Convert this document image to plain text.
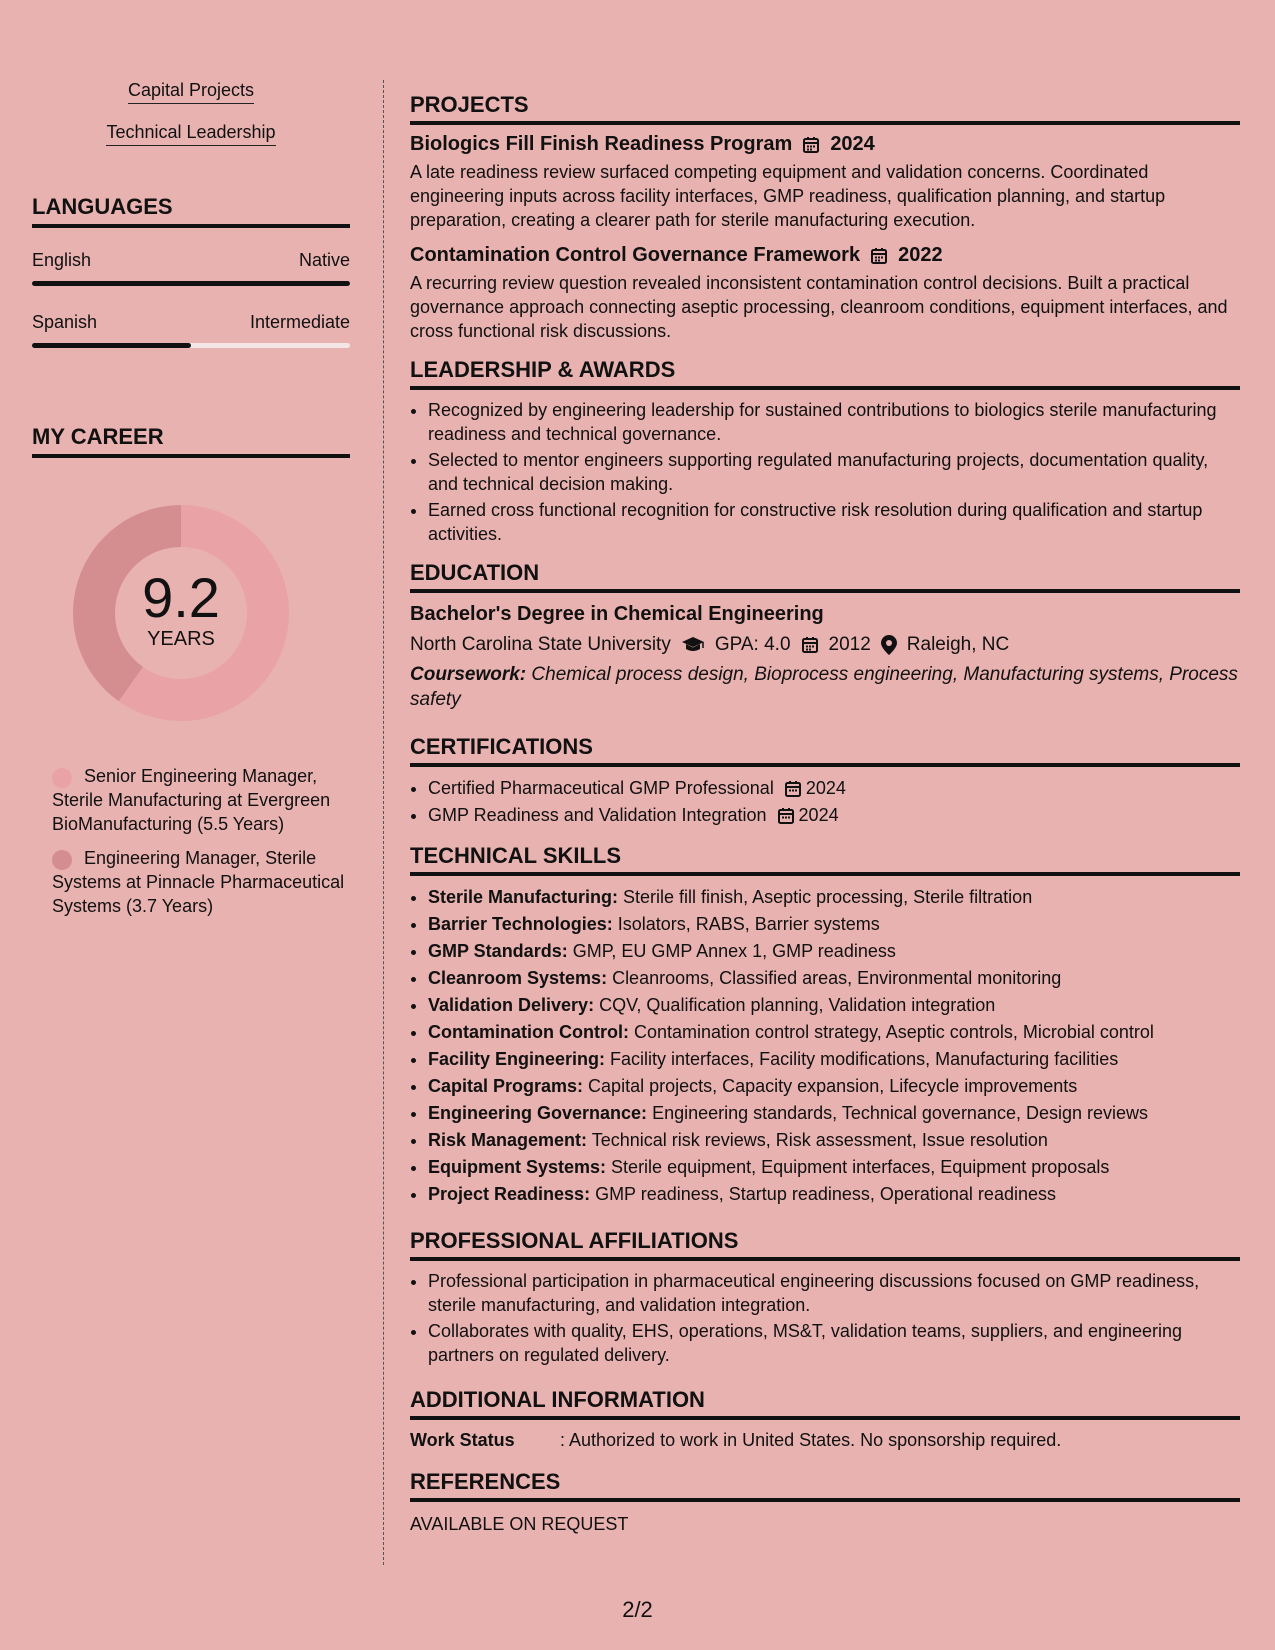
Capital Projects
Technical Leadership
LANGUAGES
English	Native
Spanish	Intermediate
MY CAREER
9.2
YEARS
Senior Engineering Manager, Sterile Manufacturing at Evergreen BioManufacturing (5.5 Years)
Engineering Manager, Sterile Systems at Pinnacle Pharmaceutical Systems (3.7 Years)
PROJECTS
Biologics Fill Finish Readiness Program 2024
A late readiness review surfaced competing equipment and validation concerns. Coordinated engineering inputs across facility interfaces, GMP readiness, qualification planning, and startup preparation, creating a clearer path for sterile manufacturing execution.
Contamination Control Governance Framework 2022
A recurring review question revealed inconsistent contamination control decisions. Built a practical governance approach connecting aseptic processing, cleanroom conditions, equipment interfaces, and cross functional risk discussions.
LEADERSHIP & AWARDS
• Recognized by engineering leadership for sustained contributions to biologics sterile manufacturing readiness and technical governance.
• Selected to mentor engineers supporting regulated manufacturing projects, documentation quality, and technical decision making.
• Earned cross functional recognition for constructive risk resolution during qualification and startup activities.
EDUCATION
Bachelor's Degree in Chemical Engineering
North Carolina State University GPA: 4.0 2012 Raleigh, NC
Coursework: Chemical process design, Bioprocess engineering, Manufacturing systems, Process safety
CERTIFICATIONS
• Certified Pharmaceutical GMP Professional 2024
• GMP Readiness and Validation Integration 2024
TECHNICAL SKILLS
• Sterile Manufacturing: Sterile fill finish, Aseptic processing, Sterile filtration
• Barrier Technologies: Isolators, RABS, Barrier systems
• GMP Standards: GMP, EU GMP Annex 1, GMP readiness
• Cleanroom Systems: Cleanrooms, Classified areas, Environmental monitoring
• Validation Delivery: CQV, Qualification planning, Validation integration
• Contamination Control: Contamination control strategy, Aseptic controls, Microbial control
• Facility Engineering: Facility interfaces, Facility modifications, Manufacturing facilities
• Capital Programs: Capital projects, Capacity expansion, Lifecycle improvements
• Engineering Governance: Engineering standards, Technical governance, Design reviews
• Risk Management: Technical risk reviews, Risk assessment, Issue resolution
• Equipment Systems: Sterile equipment, Equipment interfaces, Equipment proposals
• Project Readiness: GMP readiness, Startup readiness, Operational readiness
PROFESSIONAL AFFILIATIONS
• Professional participation in pharmaceutical engineering discussions focused on GMP readiness, sterile manufacturing, and validation integration.
• Collaborates with quality, EHS, operations, MS&T, validation teams, suppliers, and engineering partners on regulated delivery.
ADDITIONAL INFORMATION
Work Status	: Authorized to work in United States. No sponsorship required.
REFERENCES
AVAILABLE ON REQUEST
2/2
